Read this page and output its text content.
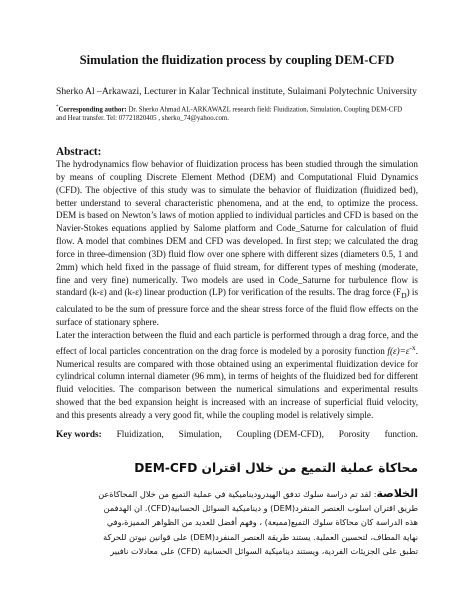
Simulation the fluidization process by coupling DEM-CFD
Sherko Al –Arkawazi, Lecturer in Kalar Technical institute, Sulaimani Polytechnic University
*Corresponding author: Dr. Sherko Ahmad AL-ARKAWAZI, research field: Fluidization, Simulation, Coupling DEM-CFD
and Heat transfer. Tel: 07721820405 , sherko_74@yahoo.com.
Abstract:

The hydrodynamics flow behavior of fluidization process has been studied through the simulation by means of coupling Discrete Element Method (DEM) and Computational Fluid Dynamics (CFD). The objective of this study was to simulate the behavior of fluidization (fluidized bed), better understand to several characteristic phenomena, and at the end, to optimize the process. DEM is based on Newton’s laws of motion applied to individual particles and CFD is based on the Navier-Stokes equations applied by Salome platform and Code_Saturne for calculation of fluid flow. A model that combines DEM and CFD was developed. In first step; we calculated the drag force in three-dimension (3D) fluid flow over one sphere with different sizes (diameters 0.5, 1 and 2mm) which held fixed in the passage of fluid stream, for different types of meshing (moderate, fine and very fine) numerically. Two models are used in Code_Saturne for turbulence flow is standard (k-ε) and (k-ε) linear production (LP) for verification of the results. The drag force $(F_D)$ is calculated to be the sum of pressure force and the shear stress force of the fluid flow effects on the surface of stationary sphere.

Later the interaction between the fluid and each particle is performed through a drag force, and the effect of local particles concentration on the drag force is modeled by a porosity function $f(\varepsilon)=\varepsilon^{-x}$. Numerical results are compared with those obtained using an experimental fluidization device for cylindrical column internal diameter (96 mm), in terms of heights of the fluidized bed for different fluid velocities. The comparison between the numerical simulations and experimental results showed that the bed expansion height is increased with an increase of superficial fluid velocity, and this presents already a very good fit, while the coupling model is relatively simple.

Key words: Fluidization, Simulation, Coupling (DEM-CFD), Porosity function.
محاكاة عملية التميع من خلال اقتران DEM-CFD
الخلاصة: لقد تم دراسة سلوك تدفق الهيدروديناميكية في عملية التميع من خلال المحاكاةعن
طريق اقتران اسلوب العنصر المنفرد(DEM) و ديناميكية السوائل الحسابية(CFD). ان الهدفمن
هذه الدراسة كان محاكاة سلوك التميع(مميعة) ، وفهم أفضل للعديد من الظواهر المميزة،وفي
نهاية المطاف، لتحسين العملية. يستند طريقة العنصر المنفرد(DEM) على قوانين نيوتن للحركة
تطبق على الجزيئات الفردية، ويستند ديناميكية السوائل الحسابية (CFD) على معادلات نافيير
